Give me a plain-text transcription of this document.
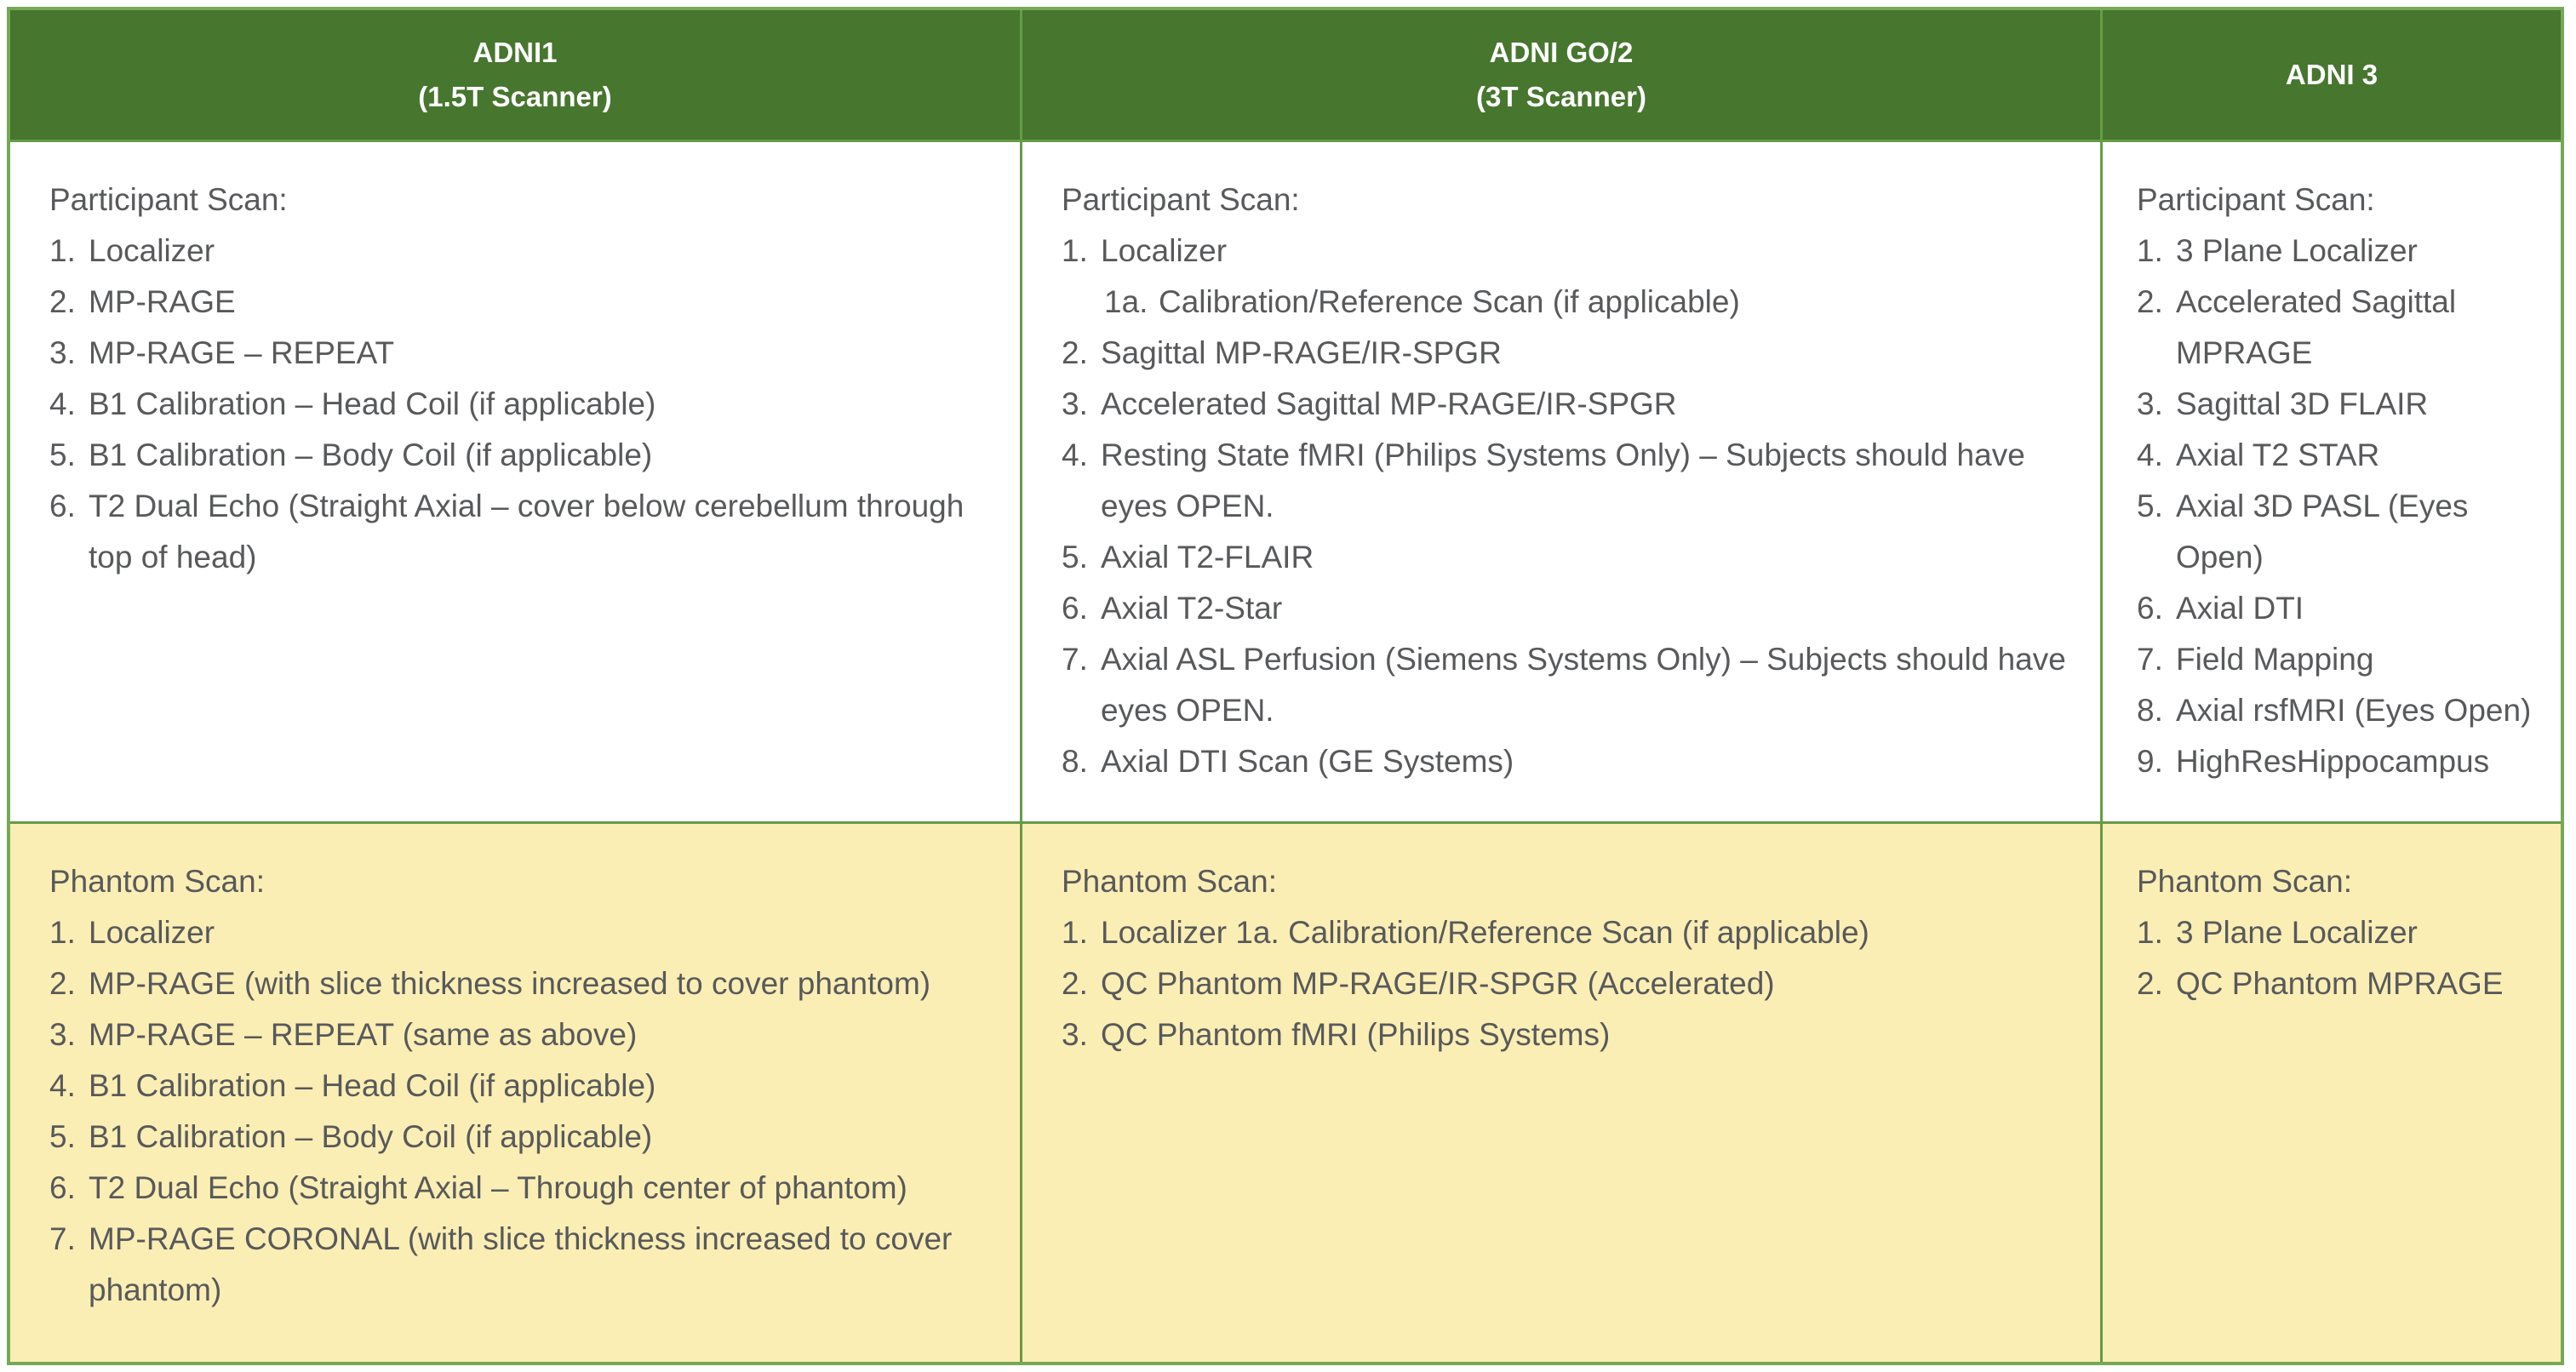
ADNI1
(1.5T Scanner)
ADNI GO/2
(3T Scanner)
ADNI 3
Participant Scan:
1. Localizer
2. MP-RAGE
3. MP-RAGE – REPEAT
4. B1 Calibration – Head Coil (if applicable)
5. B1 Calibration – Body Coil (if applicable)
6. T2 Dual Echo (Straight Axial – cover below cerebellum through
top of head)
Participant Scan:
1. Localizer
1a. Calibration/Reference Scan (if applicable)
2. Sagittal MP-RAGE/IR-SPGR
3. Accelerated Sagittal MP-RAGE/IR-SPGR
4. Resting State fMRI (Philips Systems Only) – Subjects should have
eyes OPEN.
5. Axial T2-FLAIR
6. Axial T2-Star
7. Axial ASL Perfusion (Siemens Systems Only) – Subjects should have
eyes OPEN.
8. Axial DTI Scan (GE Systems)
Participant Scan:
1. 3 Plane Localizer
2. Accelerated Sagittal
MPRAGE
3. Sagittal 3D FLAIR
4. Axial T2 STAR
5. Axial 3D PASL (Eyes
Open)
6. Axial DTI
7. Field Mapping
8. Axial rsfMRI (Eyes Open)
9. HighResHippocampus
Phantom Scan:
1. Localizer
2. MP-RAGE (with slice thickness increased to cover phantom)
3. MP-RAGE – REPEAT (same as above)
4. B1 Calibration – Head Coil (if applicable)
5. B1 Calibration – Body Coil (if applicable)
6. T2 Dual Echo (Straight Axial – Through center of phantom)
7. MP-RAGE CORONAL (with slice thickness increased to cover
phantom)
Phantom Scan:
1. Localizer 1a. Calibration/Reference Scan (if applicable)
2. QC Phantom MP-RAGE/IR-SPGR (Accelerated)
3. QC Phantom fMRI (Philips Systems)
Phantom Scan:
1. 3 Plane Localizer
2. QC Phantom MPRAGE
